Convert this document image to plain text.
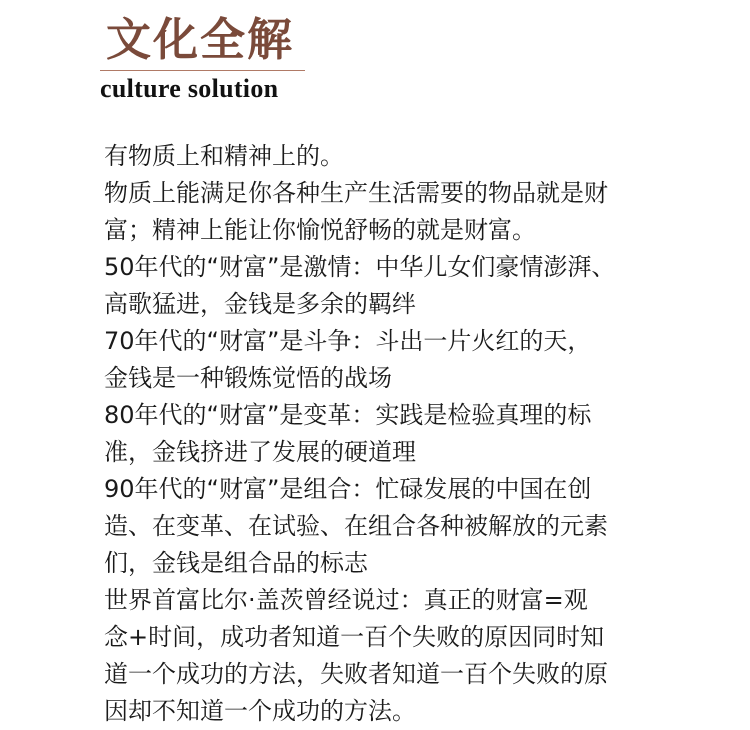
文化全解
culture solution
有物质上和精神上的。
物质上能满足你各种生产生活需要的物品就是财
富；精神上能让你愉悦舒畅的就是财富。
50年代的“财富”是激情：中华儿女们豪情澎湃、
高歌猛进，金钱是多余的羁绊
70年代的“财富”是斗争：斗出一片火红的天，
金钱是一种锻炼觉悟的战场
80年代的“财富”是变革：实践是检验真理的标
准，金钱挤进了发展的硬道理
90年代的“财富”是组合：忙碌发展的中国在创
造、在变革、在试验、在组合各种被解放的元素
们，金钱是组合品的标志
世界首富比尔·盖茨曾经说过：真正的财富=观
念+时间，成功者知道一百个失败的原因同时知
道一个成功的方法，失败者知道一百个失败的原
因却不知道一个成功的方法。
